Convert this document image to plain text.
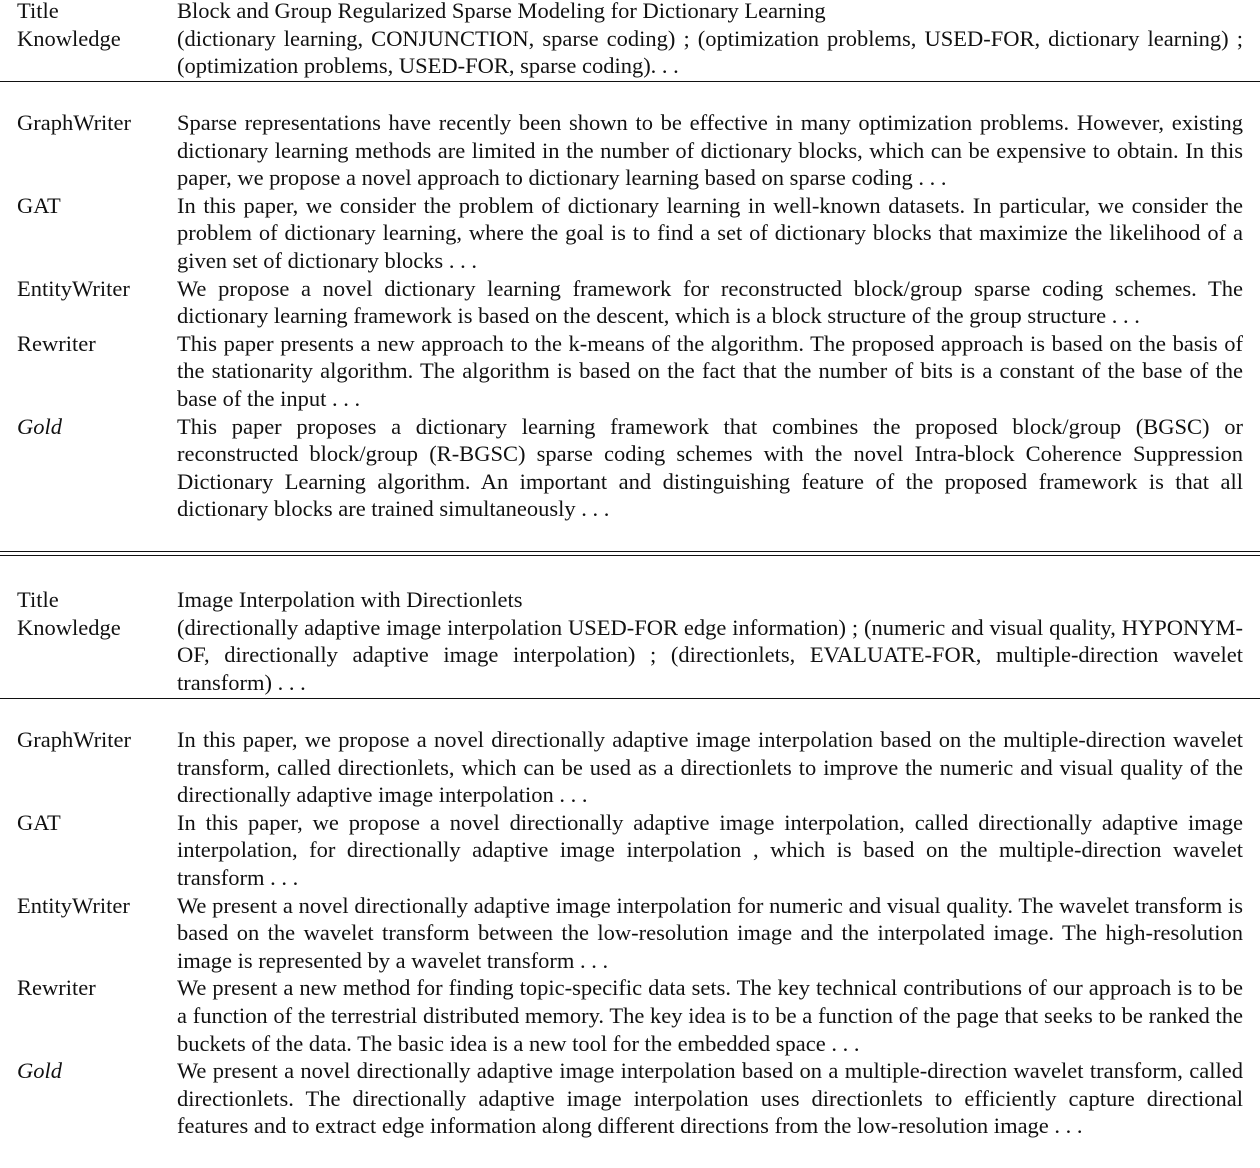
Title	Block and Group Regularized Sparse Modeling for Dictionary Learning
Knowledge	(dictionary learning, CONJUNCTION, sparse coding) ; (optimization problems, USED-FOR, dictionary learning) ; (optimization problems, USED-FOR, sparse coding). . .
GraphWriter	Sparse representations have recently been shown to be effective in many optimization problems. However, existing dictionary learning methods are limited in the number of dictionary blocks, which can be expensive to obtain. In this paper, we propose a novel approach to dictionary learning based on sparse coding . . .
GAT	In this paper, we consider the problem of dictionary learning in well-known datasets. In particular, we consider the problem of dictionary learning, where the goal is to find a set of dictionary blocks that maximize the likelihood of a given set of dictionary blocks . . .
EntityWriter	We propose a novel dictionary learning framework for reconstructed block/group sparse coding schemes. The dictionary learning framework is based on the descent, which is a block structure of the group structure . . .
Rewriter	This paper presents a new approach to the k-means of the algorithm. The proposed approach is based on the basis of the stationarity algorithm. The algorithm is based on the fact that the number of bits is a constant of the base of the base of the input . . .
Gold	This paper proposes a dictionary learning framework that combines the proposed block/group (BGSC) or reconstructed block/group (R-BGSC) sparse coding schemes with the novel Intra-block Coherence Suppression Dictionary Learning algorithm. An important and distinguishing feature of the proposed framework is that all dictionary blocks are trained simultaneously . . .
Title	Image Interpolation with Directionlets
Knowledge	(directionally adaptive image interpolation USED-FOR edge information) ; (numeric and visual quality, HYPONYM-OF, directionally adaptive image interpolation) ; (directionlets, EVALUATE-FOR, multiple-direction wavelet transform) . . .
GraphWriter	In this paper, we propose a novel directionally adaptive image interpolation based on the multiple-direction wavelet transform, called directionlets, which can be used as a directionlets to improve the numeric and visual quality of the directionally adaptive image interpolation . . .
GAT	In this paper, we propose a novel directionally adaptive image interpolation, called directionally adaptive image interpolation, for directionally adaptive image interpolation , which is based on the multiple-direction wavelet transform . . .
EntityWriter	We present a novel directionally adaptive image interpolation for numeric and visual quality. The wavelet transform is based on the wavelet transform between the low-resolution image and the interpolated image. The high-resolution image is represented by a wavelet transform . . .
Rewriter	We present a new method for finding topic-specific data sets. The key technical contributions of our approach is to be a function of the terrestrial distributed memory. The key idea is to be a function of the page that seeks to be ranked the buckets of the data. The basic idea is a new tool for the embedded space . . .
Gold	We present a novel directionally adaptive image interpolation based on a multiple-direction wavelet transform, called directionlets. The directionally adaptive image interpolation uses directionlets to efficiently capture directional features and to extract edge information along different directions from the low-resolution image . . .
